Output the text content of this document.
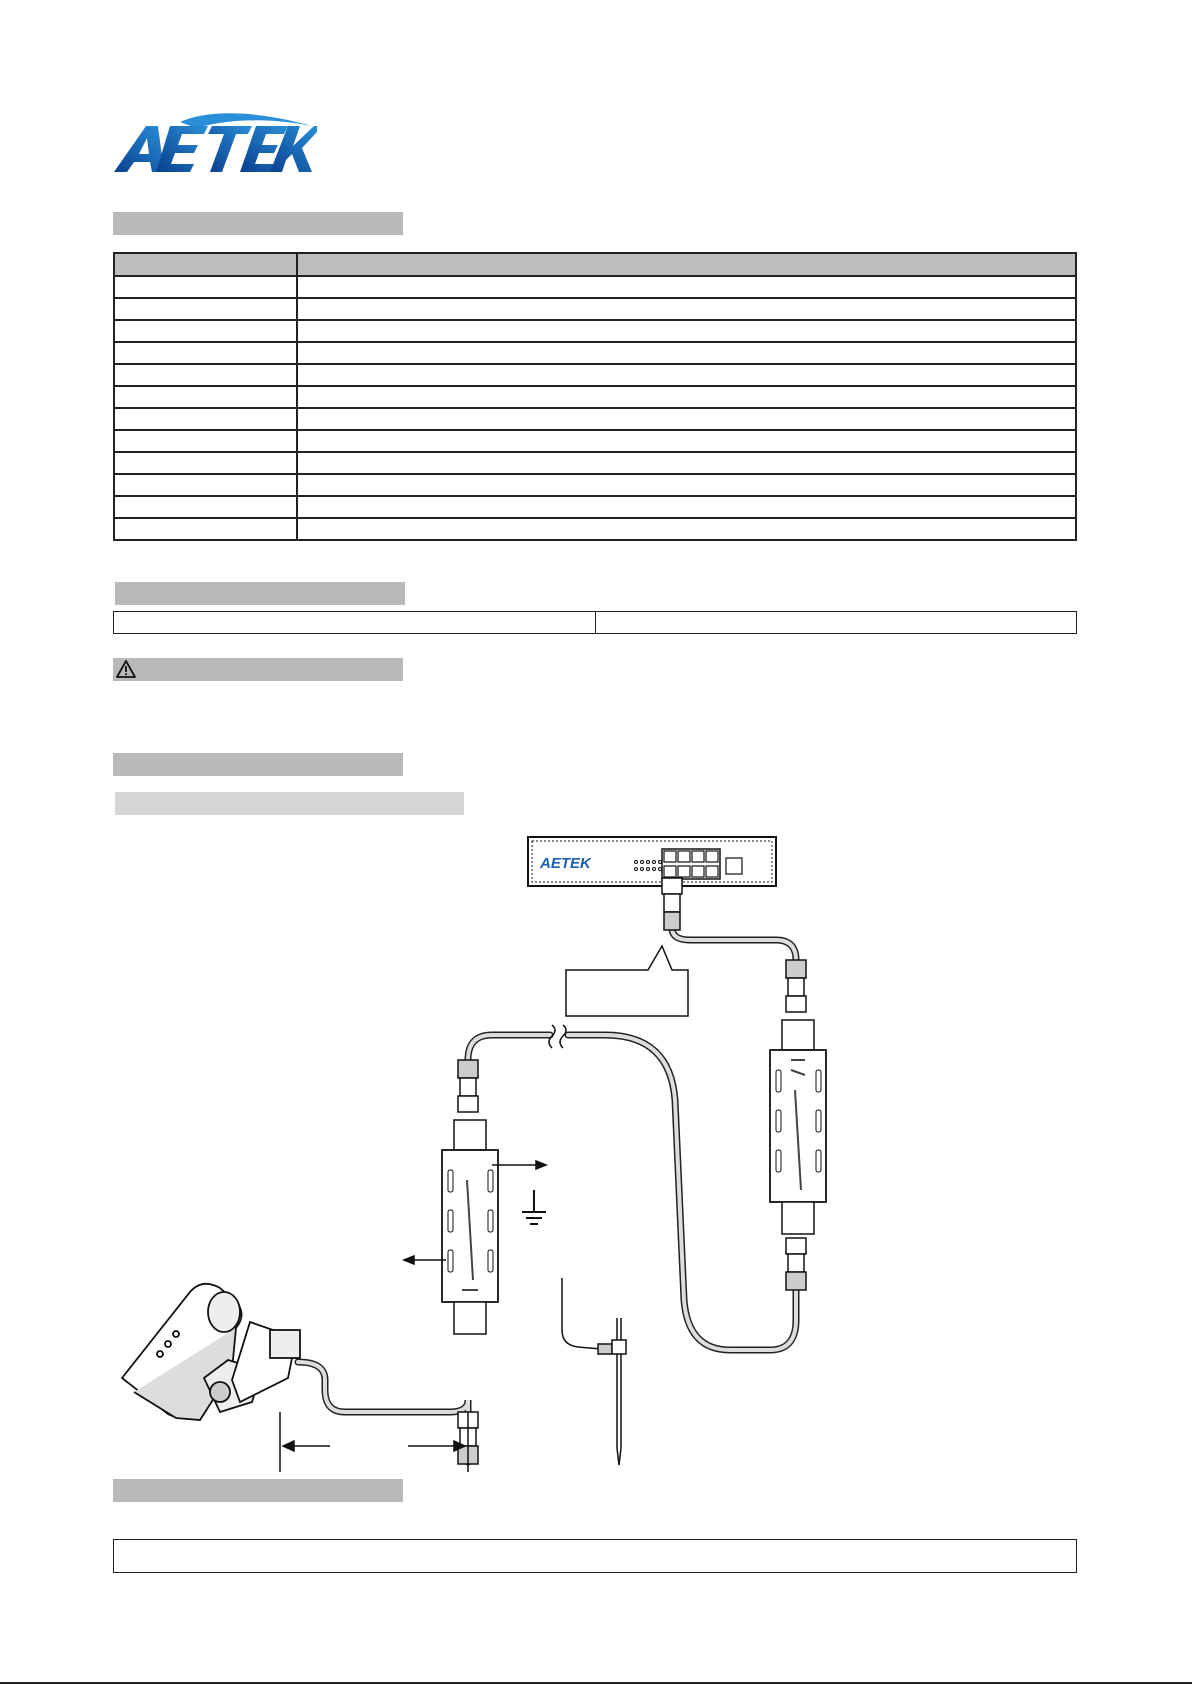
AETEK
